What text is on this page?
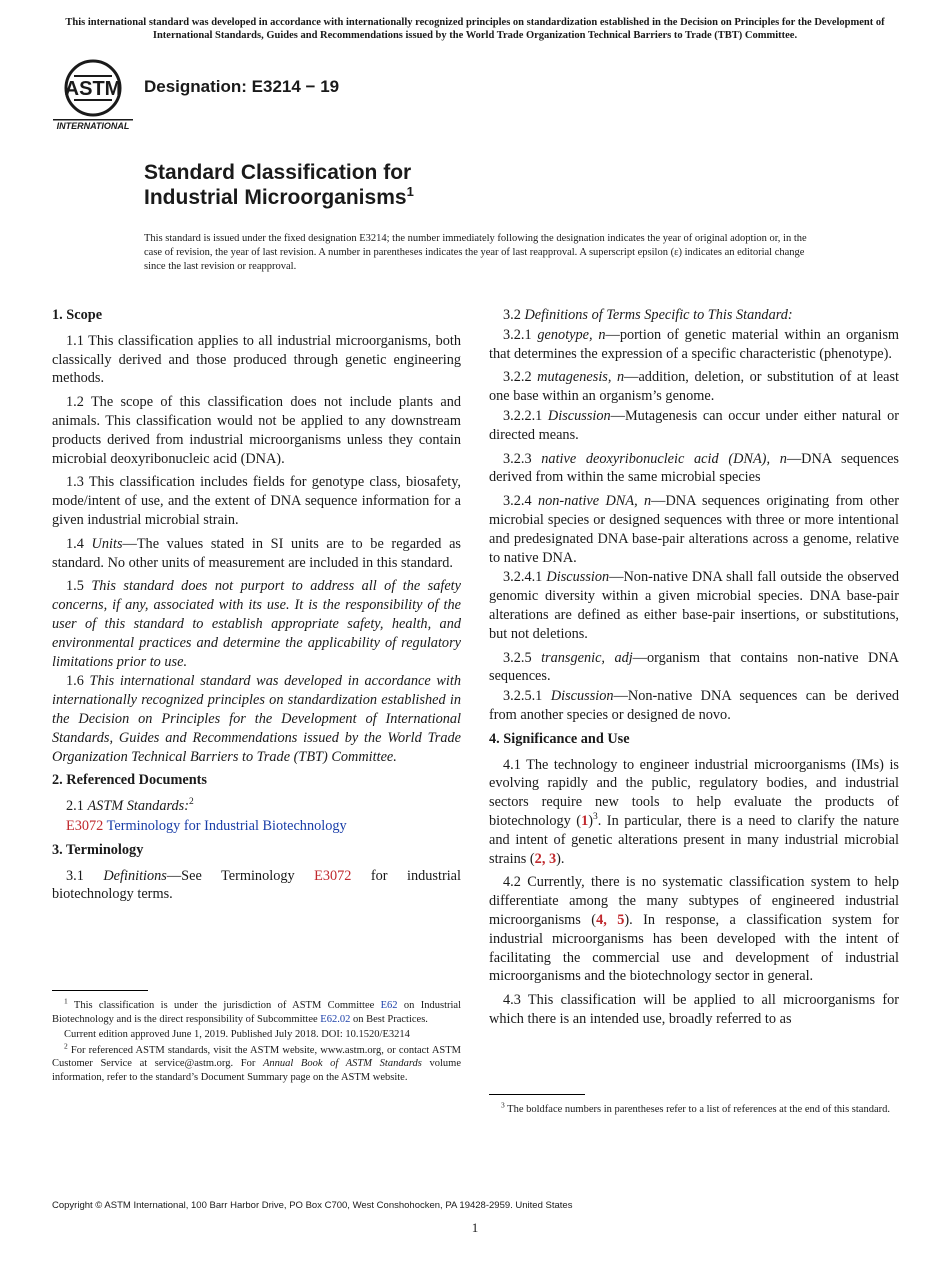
This international standard was developed in accordance with internationally recognized principles on standardization established in the Decision on Principles for the Development of International Standards, Guides and Recommendations issued by the World Trade Organization Technical Barriers to Trade (TBT) Committee.
ASTM
INTERNATIONAL
Designation: E3214 − 19
Standard Classification for
Industrial Microorganisms$^1$
This standard is issued under the fixed designation E3214; the number immediately following the designation indicates the year of original adoption or, in the case of revision, the year of last revision. A number in parentheses indicates the year of last reapproval. A superscript epsilon (ε) indicates an editorial change since the last revision or reapproval.
1. Scope

1.1 This classification applies to all industrial microorganisms, both classically derived and those produced through genetic engineering methods.

1.2 The scope of this classification does not include plants and animals. This classification would not be applied to any downstream products derived from industrial microorganisms unless they contain microbial deoxyribonucleic acid (DNA).

1.3 This classification includes fields for genotype class, biosafety, mode/intent of use, and the extent of DNA sequence information for a given industrial microbial strain.

1.4 Units—The values stated in SI units are to be regarded as standard. No other units of measurement are included in this standard.

1.5 This standard does not purport to address all of the safety concerns, if any, associated with its use. It is the responsibility of the user of this standard to establish appropriate safety, health, and environmental practices and determine the applicability of regulatory limitations prior to use.

1.6 This international standard was developed in accordance with internationally recognized principles on standardization established in the Decision on Principles for the Development of International Standards, Guides and Recommendations issued by the World Trade Organization Technical Barriers to Trade (TBT) Committee.

2. Referenced Documents

2.1 ASTM Standards:$^2$

E3072 Terminology for Industrial Biotechnology

3. Terminology

3.1 Definitions—See Terminology E3072 for industrial biotechnology terms.

3.2 Definitions of Terms Specific to This Standard:

3.2.1 genotype, n—portion of genetic material within an organism that determines the expression of a specific characteristic (phenotype).

3.2.2 mutagenesis, n—addition, deletion, or substitution of at least one base within an organism’s genome.

3.2.2.1 Discussion—Mutagenesis can occur under either natural or directed means.

3.2.3 native deoxyribonucleic acid (DNA), n—DNA sequences derived from within the same microbial species

3.2.4 non-native DNA, n—DNA sequences originating from other microbial species or designed sequences with three or more intentional and predesignated DNA base-pair alterations across a genome, relative to native DNA.

3.2.4.1 Discussion—Non-native DNA shall fall outside the observed genomic diversity within a given microbial species. DNA base-pair alterations are defined as either base-pair insertions, or substitutions, but not deletions.

3.2.5 transgenic, adj—organism that contains non-native DNA sequences.

3.2.5.1 Discussion—Non-native DNA sequences can be derived from another species or designed de novo.

4. Significance and Use

4.1 The technology to engineer industrial microorganisms (IMs) is evolving rapidly and the public, regulatory bodies, and industrial sectors require new tools to help evaluate the products of biotechnology (1)$^3$. In particular, there is a need to clarify the nature and intent of genetic alterations present in many industrial microbial strains (2, 3).

4.2 Currently, there is no systematic classification system to help differentiate among the many subtypes of engineered industrial microorganisms (4, 5). In response, a classification system for industrial microorganisms has been developed with the intent of facilitating the commercial use and development of industrial microorganisms and the biotechnology sector in general.

4.3 This classification will be applied to all microorganisms for which there is an intended use, broadly referred to as

$^1$ This classification is under the jurisdiction of ASTM Committee E62 on Industrial Biotechnology and is the direct responsibility of Subcommittee E62.02 on Best Practices.

Current edition approved June 1, 2019. Published July 2018. DOI: 10.1520/E3214

$^2$ For referenced ASTM standards, visit the ASTM website, www.astm.org, or contact ASTM Customer Service at service@astm.org. For Annual Book of ASTM Standards volume information, refer to the standard’s Document Summary page on the ASTM website.

$^3$ The boldface numbers in parentheses refer to a list of references at the end of this standard.

Copyright © ASTM International, 100 Barr Harbor Drive, PO Box C700, West Conshohocken, PA 19428-2959. United States
1
